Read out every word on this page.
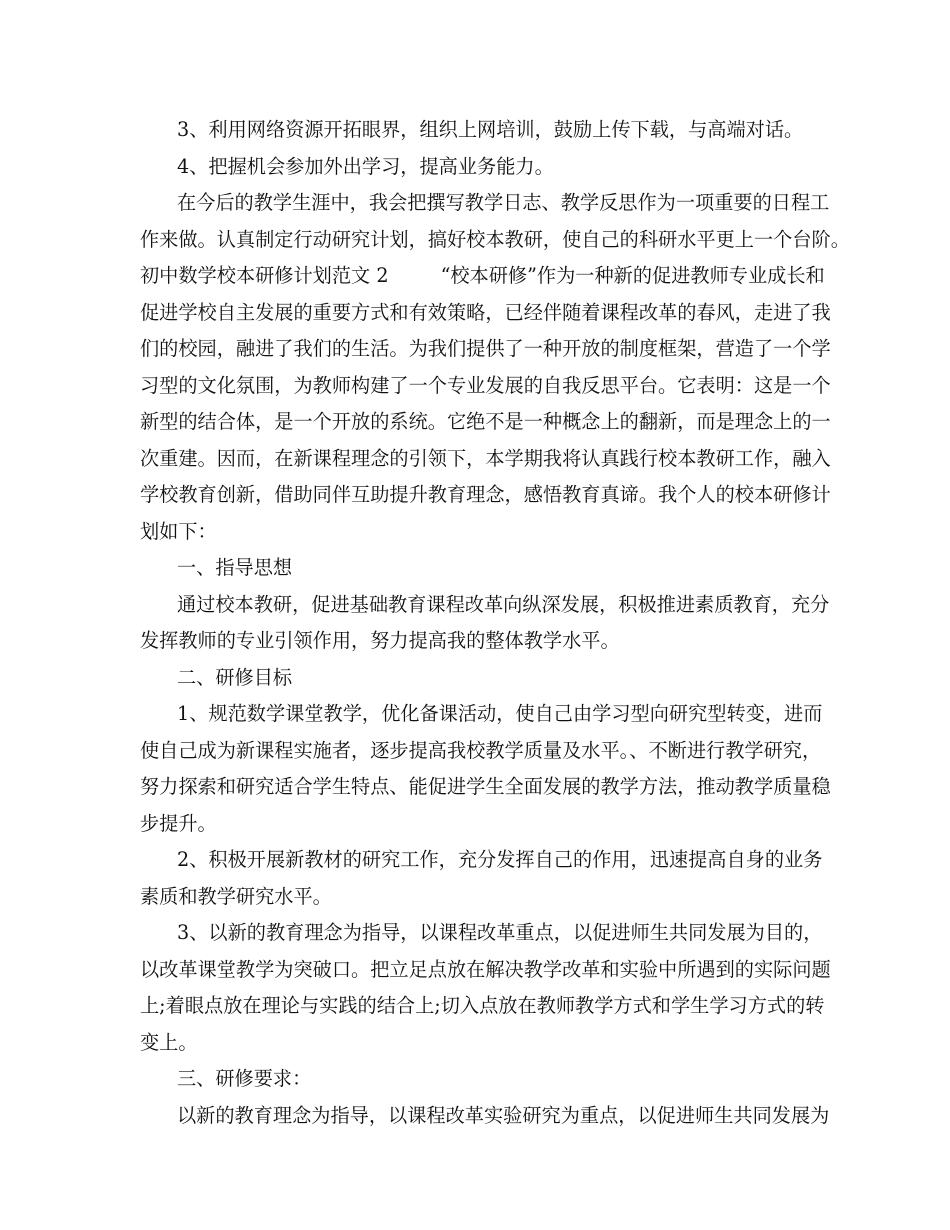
3、利用网络资源开拓眼界，组织上网培训，鼓励上传下载，与高端对话。
4、把握机会参加外出学习，提高业务能力。
在今后的教学生涯中，我会把撰写教学日志、教学反思作为一项重要的日程工
作来做。认真制定行动研究计划，搞好校本教研，使自己的科研水平更上一个台阶。
初中数学校本研修计划范文 2	“校本研修”作为一种新的促进教师专业成长和
促进学校自主发展的重要方式和有效策略，已经伴随着课程改革的春风，走进了我
们的校园，融进了我们的生活。为我们提供了一种开放的制度框架，营造了一个学
习型的文化氛围，为教师构建了一个专业发展的自我反思平台。它表明：这是一个
新型的结合体，是一个开放的系统。它绝不是一种概念上的翻新，而是理念上的一
次重建。因而，在新课程理念的引领下，本学期我将认真践行校本教研工作，融入
学校教育创新，借助同伴互助提升教育理念，感悟教育真谛。我个人的校本研修计
划如下：
一、指导思想
通过校本教研，促进基础教育课程改革向纵深发展，积极推进素质教育，充分
发挥教师的专业引领作用，努力提高我的整体教学水平。
二、研修目标
1、规范数学课堂教学，优化备课活动，使自己由学习型向研究型转变，进而
使自己成为新课程实施者，逐步提高我校教学质量及水平。、不断进行教学研究，
努力探索和研究适合学生特点、能促进学生全面发展的教学方法，推动教学质量稳
步提升。
2、积极开展新教材的研究工作，充分发挥自己的作用，迅速提高自身的业务
素质和教学研究水平。
3、以新的教育理念为指导，以课程改革重点，以促进师生共同发展为目的，
以改革课堂教学为突破口。把立足点放在解决教学改革和实验中所遇到的实际问题
上;着眼点放在理论与实践的结合上;切入点放在教师教学方式和学生学习方式的转
变上。
三、研修要求：
以新的教育理念为指导，以课程改革实验研究为重点，以促进师生共同发展为
